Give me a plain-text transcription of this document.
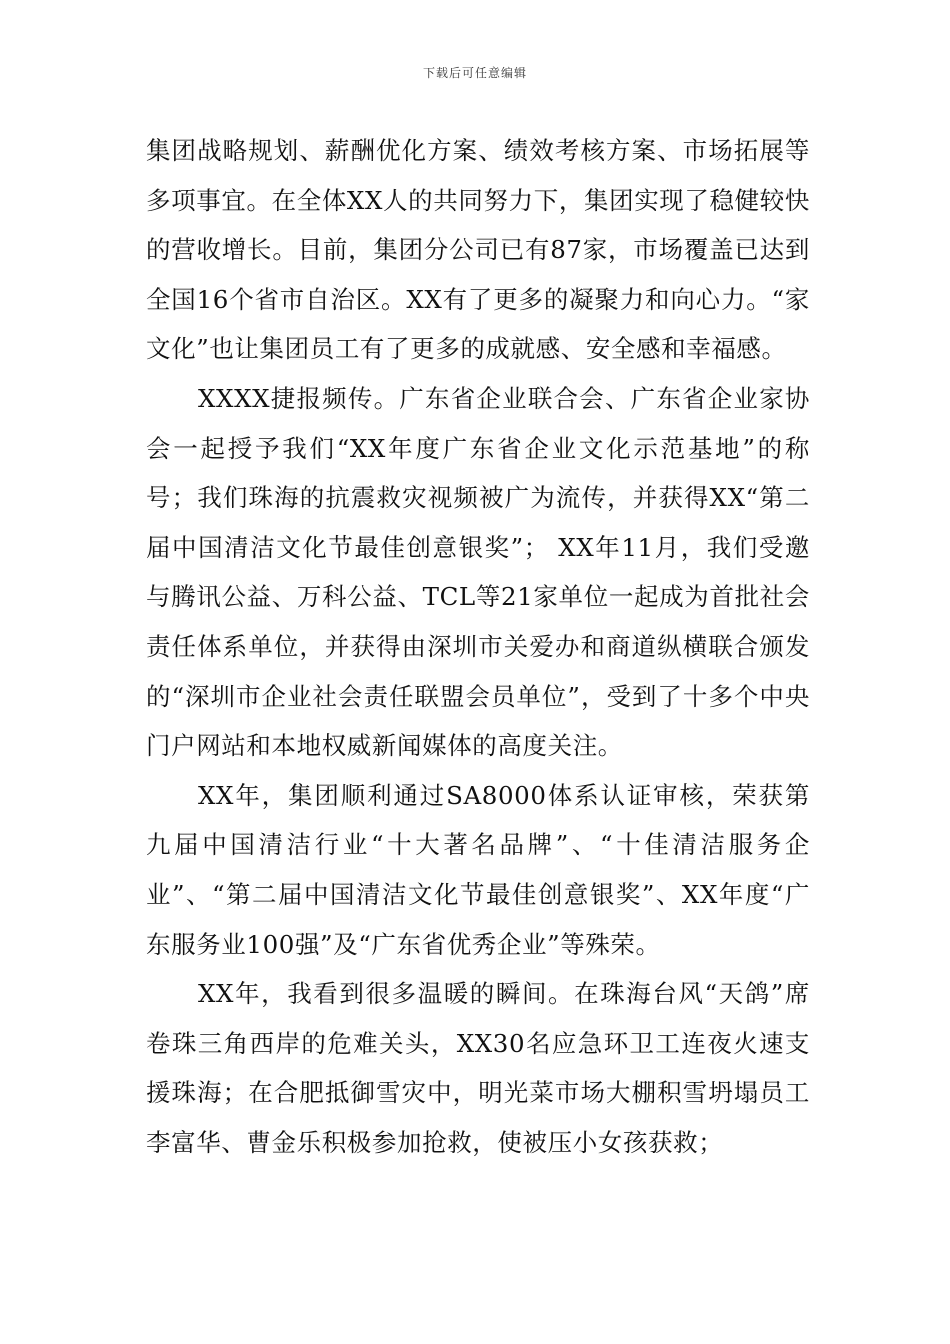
下载后可任意编辑

集团战略规划、薪酬优化方案、绩效考核方案、市场拓展等多项事宜。在全体XX人的共同努力下，集团实现了稳健较快的营收增长。目前，集团分公司已有87家，市场覆盖已达到全国16个省市自治区。XX有了更多的凝聚力和向心力。“家文化”也让集团员工有了更多的成就感、安全感和幸福感。

XXXX捷报频传。广东省企业联合会、广东省企业家协会一起授予我们“XX年度广东省企业文化示范基地”的称号；我们珠海的抗震救灾视频被广为流传，并获得XX“第二届中国清洁文化节最佳创意银奖”； XX年11月，我们受邀与腾讯公益、万科公益、TCL等21家单位一起成为首批社会责任体系单位，并获得由深圳市关爱办和商道纵横联合颁发的“深圳市企业社会责任联盟会员单位”，受到了十多个中央门户网站和本地权威新闻媒体的高度关注。

XX年，集团顺利通过SA8000体系认证审核，荣获第九届中国清洁行业“十大著名品牌”、“十佳清洁服务企业”、“第二届中国清洁文化节最佳创意银奖”、XX年度“广东服务业100强”及“广东省优秀企业”等殊荣。

XX年，我看到很多温暖的瞬间。在珠海台风“天鸽”席卷珠三角西岸的危难关头，XX30名应急环卫工连夜火速支援珠海；在合肥抵御雪灾中，明光菜市场大棚积雪坍塌员工李富华、曹金乐积极参加抢救，使被压小女孩获救；
